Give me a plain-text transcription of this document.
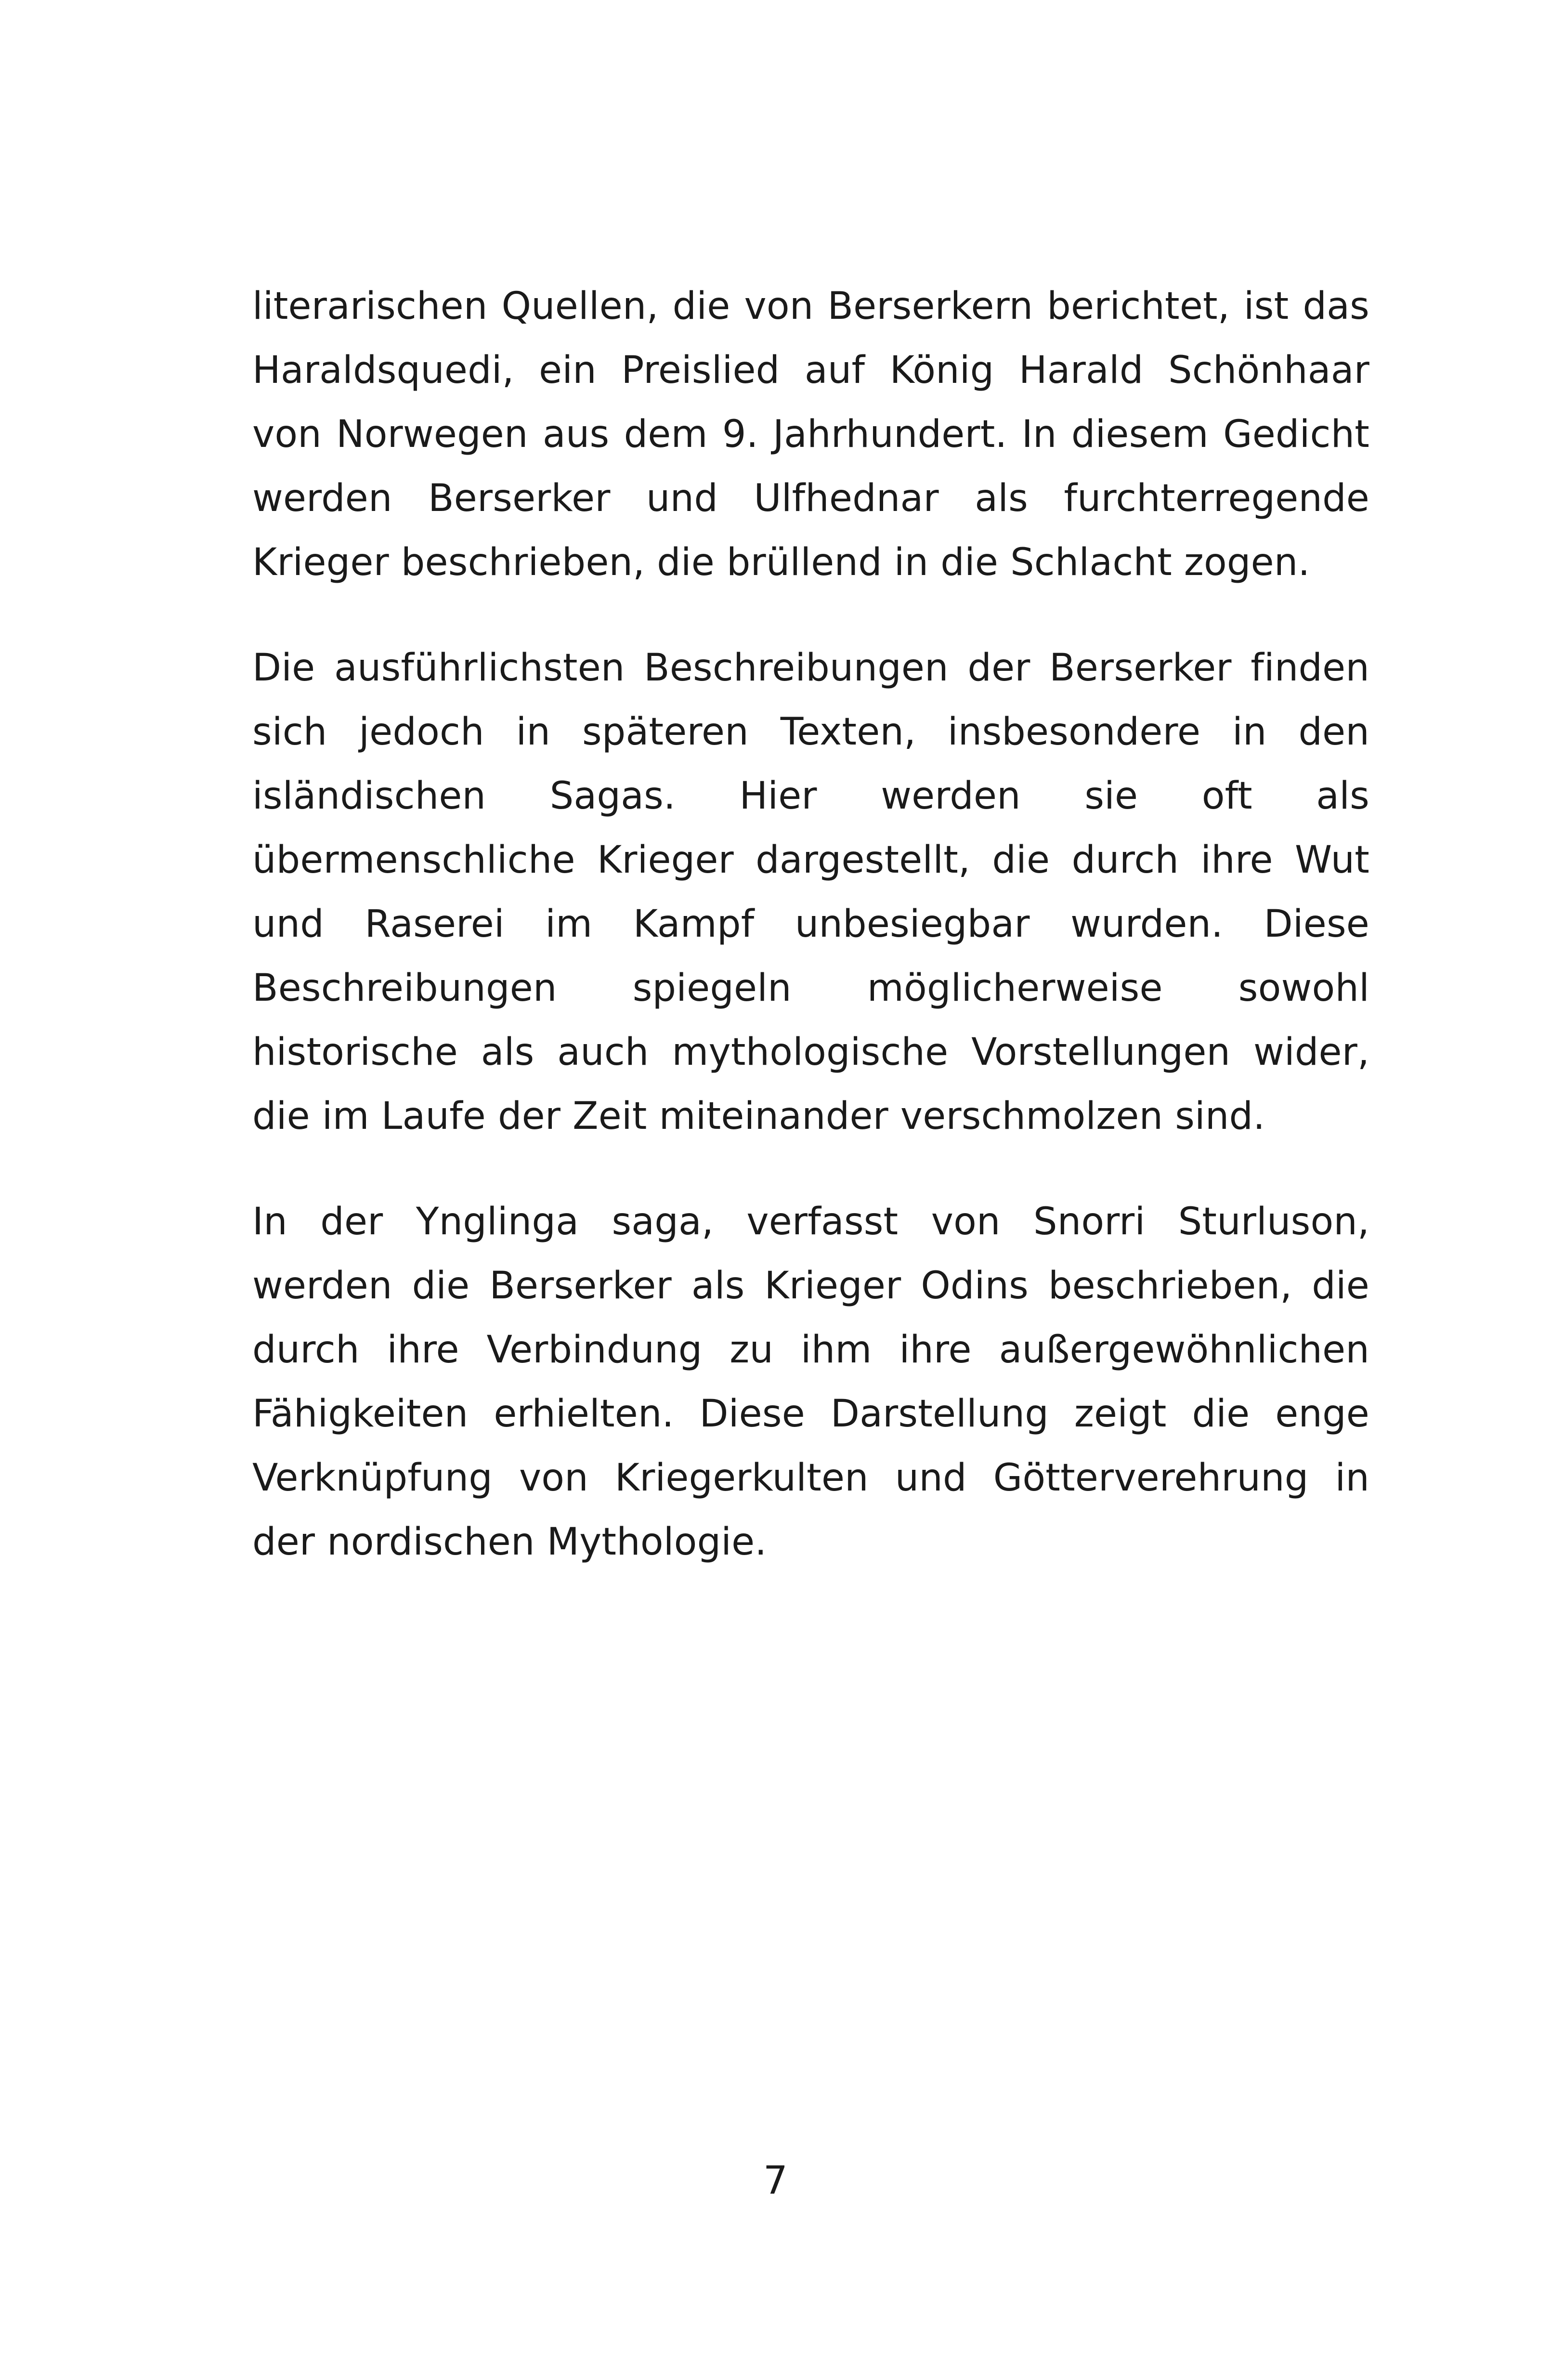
literarischen Quellen, die von Berserkern berichtet, ist das Haraldsquedi, ein Preislied auf König Harald Schönhaar von Norwegen aus dem 9. Jahrhundert. In diesem Gedicht werden Berserker und Ulfhednar als furchterregende Krieger beschrieben, die brüllend in die Schlacht zogen.

Die ausführlichsten Beschreibungen der Berserker finden sich jedoch in späteren Texten, insbesondere in den isländischen Sagas. Hier werden sie oft als übermenschliche Krieger dargestellt, die durch ihre Wut und Raserei im Kampf unbesiegbar wurden. Diese Beschreibungen spiegeln möglicherweise sowohl historische als auch mythologische Vorstellungen wider, die im Laufe der Zeit miteinander verschmolzen sind.

In der Ynglinga saga, verfasst von Snorri Sturluson, werden die Berserker als Krieger Odins beschrieben, die durch ihre Verbindung zu ihm ihre außergewöhnlichen Fähigkeiten erhielten. Diese Darstellung zeigt die enge Verknüpfung von Kriegerkulten und Götterverehrung in der nordischen Mythologie.

7
